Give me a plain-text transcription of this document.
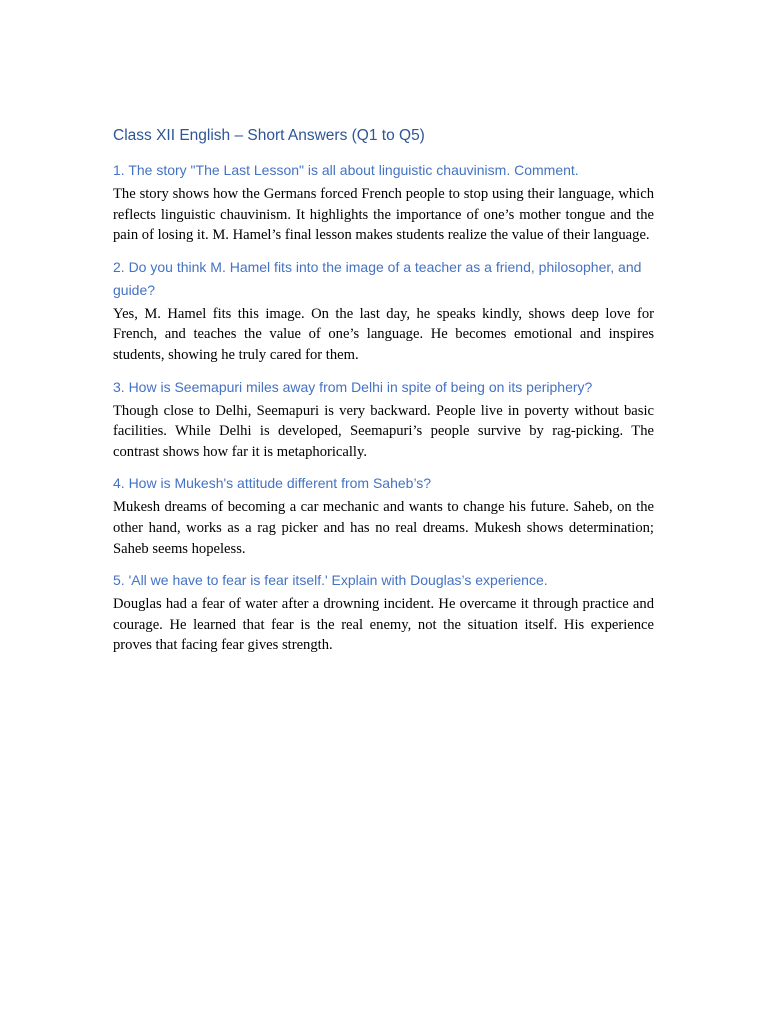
Class XII English – Short Answers (Q1 to Q5)
1. The story "The Last Lesson" is all about linguistic chauvinism. Comment.

The story shows how the Germans forced French people to stop using their language, which reflects linguistic chauvinism. It highlights the importance of one’s mother tongue and the pain of losing it. M. Hamel’s final lesson makes students realize the value of their language.

2. Do you think M. Hamel fits into the image of a teacher as a friend, philosopher, and guide?

Yes, M. Hamel fits this image. On the last day, he speaks kindly, shows deep love for French, and teaches the value of one’s language. He becomes emotional and inspires students, showing he truly cared for them.

3. How is Seemapuri miles away from Delhi in spite of being on its periphery?

Though close to Delhi, Seemapuri is very backward. People live in poverty without basic facilities. While Delhi is developed, Seemapuri’s people survive by rag-picking. The contrast shows how far it is metaphorically.

4. How is Mukesh's attitude different from Saheb’s?

Mukesh dreams of becoming a car mechanic and wants to change his future. Saheb, on the other hand, works as a rag picker and has no real dreams. Mukesh shows determination; Saheb seems hopeless.

5. 'All we have to fear is fear itself.' Explain with Douglas’s experience.

Douglas had a fear of water after a drowning incident. He overcame it through practice and courage. He learned that fear is the real enemy, not the situation itself. His experience proves that facing fear gives strength.
